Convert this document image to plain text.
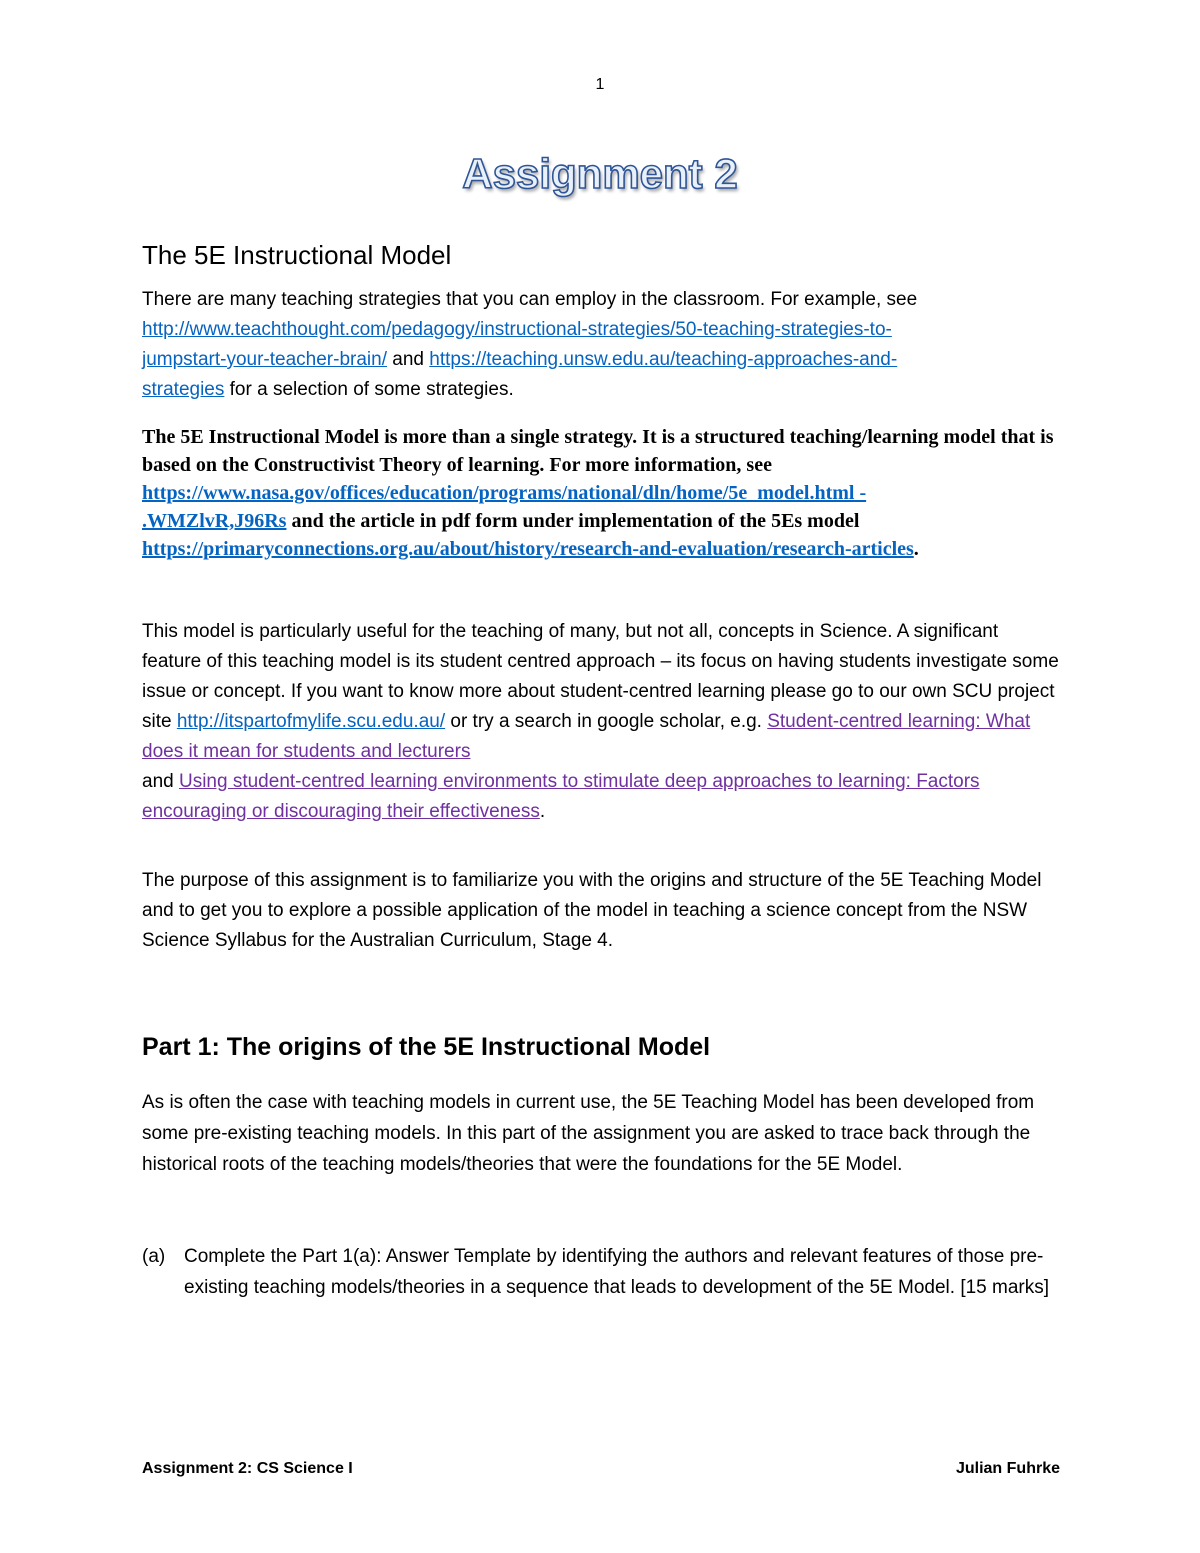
1
Assignment 2
The 5E Instructional Model
There are many teaching strategies that you can employ in the classroom. For example, see
http://www.teachthought.com/pedagogy/instructional-strategies/50-teaching-strategies-to-
jumpstart-your-teacher-brain/ and https://teaching.unsw.edu.au/teaching-approaches-and-
strategies for a selection of some strategies.
The 5E Instructional Model is more than a single strategy. It is a structured teaching/learning model that is based on the Constructivist Theory of learning. For more information, see
https://www.nasa.gov/offices/education/programs/national/dln/home/5e_model.html -
.WMZlvR,J96Rs and the article in pdf form under implementation of the 5Es model
https://primaryconnections.org.au/about/history/research-and-evaluation/research-articles.
This model is particularly useful for the teaching of many, but not all, concepts in Science. A significant feature of this teaching model is its student centred approach – its focus on having students investigate some issue or concept. If you want to know more about student-centred learning please go to our own SCU project site http://itspartofmylife.scu.edu.au/ or try a search in google scholar, e.g. Student-centred learning: What does it mean for students and lecturers
and Using student-centred learning environments to stimulate deep approaches to learning: Factors encouraging or discouraging their effectiveness.
The purpose of this assignment is to familiarize you with the origins and structure of the 5E Teaching Model and to get you to explore a possible application of the model in teaching a science concept from the NSW Science Syllabus for the Australian Curriculum, Stage 4.
Part 1: The origins of the 5E Instructional Model
As is often the case with teaching models in current use, the 5E Teaching Model has been developed from some pre-existing teaching models. In this part of the assignment you are asked to trace back through the historical roots of the teaching models/theories that were the foundations for the 5E Model.
(a) Complete the Part 1(a): Answer Template by identifying the authors and relevant features of those pre-existing teaching models/theories in a sequence that leads to development of the 5E Model. [15 marks]
Assignment 2: CS Science I	Julian Fuhrke
